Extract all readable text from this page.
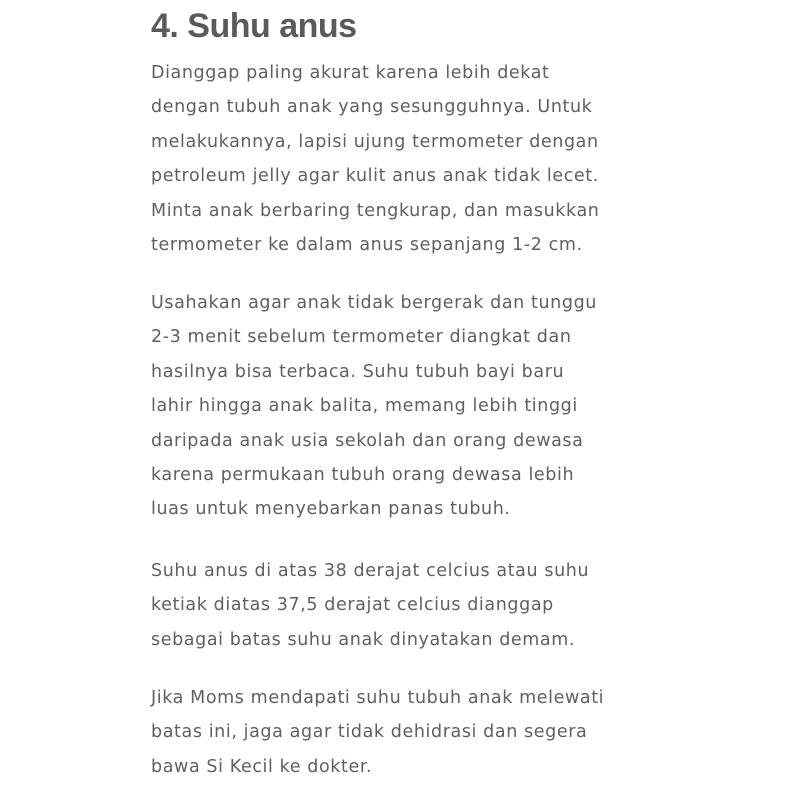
4. Suhu anus

Dianggap paling akurat karena lebih dekat
dengan tubuh anak yang sesungguhnya. Untuk
melakukannya, lapisi ujung termometer dengan
petroleum jelly agar kulit anus anak tidak lecet.
Minta anak berbaring tengkurap, dan masukkan
termometer ke dalam anus sepanjang 1-2 cm.

Usahakan agar anak tidak bergerak dan tunggu
2-3 menit sebelum termometer diangkat dan
hasilnya bisa terbaca. Suhu tubuh bayi baru
lahir hingga anak balita, memang lebih tinggi
daripada anak usia sekolah dan orang dewasa
karena permukaan tubuh orang dewasa lebih
luas untuk menyebarkan panas tubuh.

Suhu anus di atas 38 derajat celcius atau suhu
ketiak diatas 37,5 derajat celcius dianggap
sebagai batas suhu anak dinyatakan demam.

Jika Moms mendapati suhu tubuh anak melewati
batas ini, jaga agar tidak dehidrasi dan segera
bawa Si Kecil ke dokter.
